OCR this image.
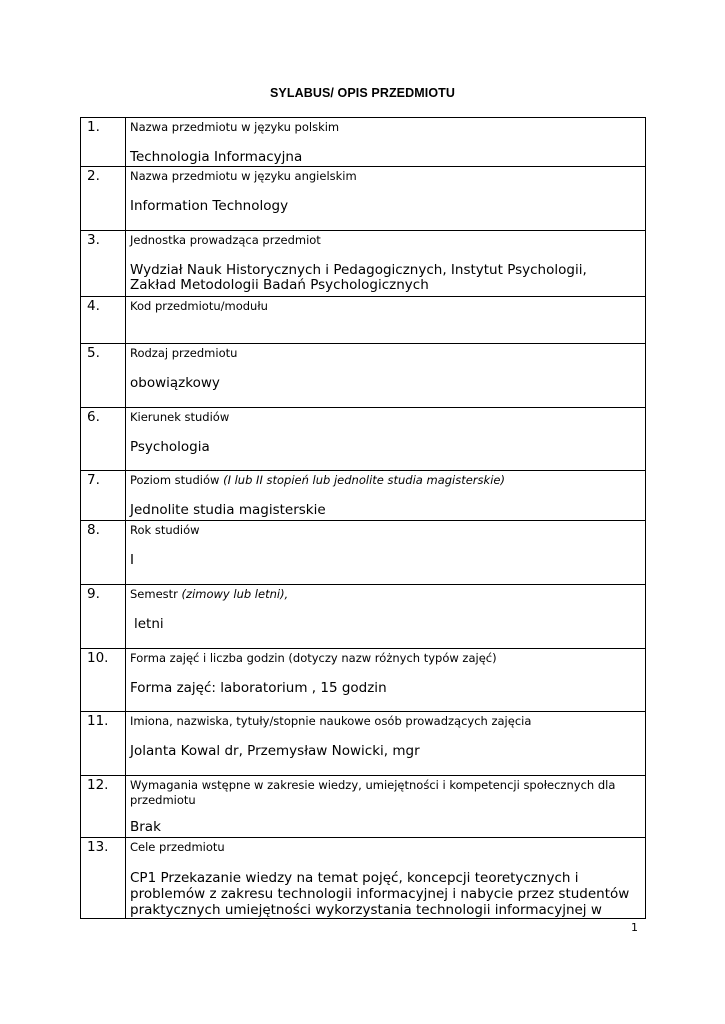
SYLABUS/ OPIS PRZEDMIOTU
1.	Nazwa przedmiotu w języku polskim
Technologia Informacyjna

2.	Nazwa przedmiotu w języku angielskim
Information Technology

3.	Jednostka prowadząca przedmiot
Wydział Nauk Historycznych i Pedagogicznych, Instytut Psychologii,
Zakład Metodologii Badań Psychologicznych

4.	Kod przedmiotu/modułu

5.	Rodzaj przedmiotu
obowiązkowy

6.	Kierunek studiów
Psychologia

7.	Poziom studiów (I lub II stopień lub jednolite studia magisterskie)
Jednolite studia magisterskie

8.	Rok studiów
I

9.	Semestr (zimowy lub letni),
letni

10.	Forma zajęć i liczba godzin (dotyczy nazw różnych typów zajęć)
Forma zajęć: laboratorium , 15 godzin

11.	Imiona, nazwiska, tytuły/stopnie naukowe osób prowadzących zajęcia
Jolanta Kowal dr, Przemysław Nowicki, mgr

12.	Wymagania wstępne w zakresie wiedzy, umiejętności i kompetencji społecznych dla
przedmiotu
Brak

13.	Cele przedmiotu
CP1 Przekazanie wiedzy na temat pojęć, koncepcji teoretycznych i
problemów z zakresu technologii informacyjnej i nabycie przez studentów
praktycznych umiejętności wykorzystania technologii informacyjnej w
1
